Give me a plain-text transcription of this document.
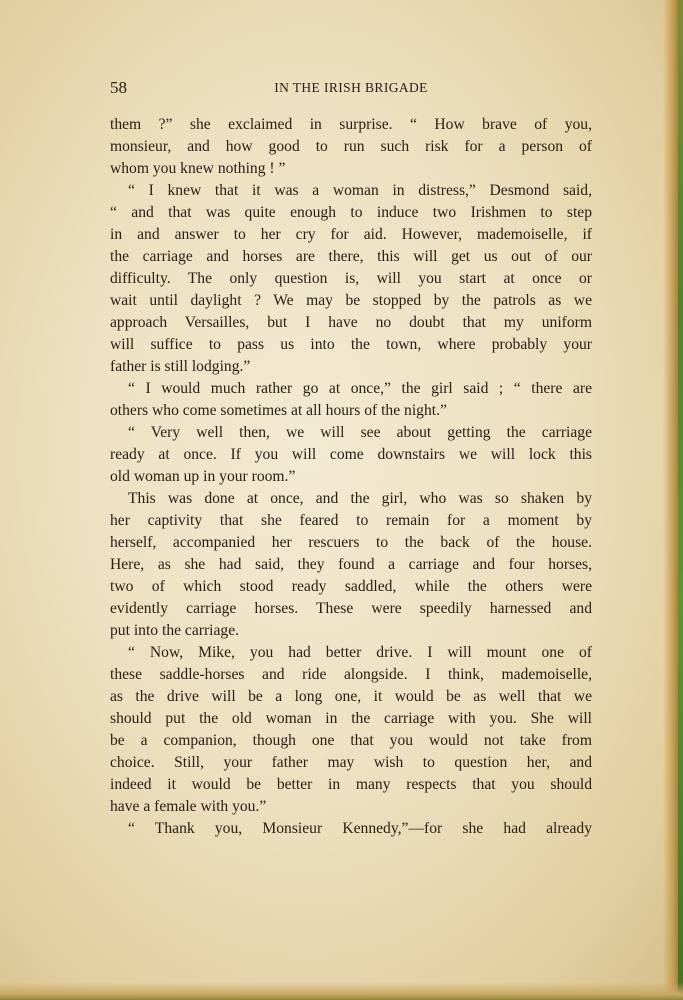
58	IN THE IRISH BRIGADE
them ?” she exclaimed in surprise. “ How brave of you,
monsieur, and how good to run such risk for a person of
whom you knew nothing ! ”
“ I knew that it was a woman in distress,” Desmond said,
“ and that was quite enough to induce two Irishmen to step
in and answer to her cry for aid. However, mademoiselle, if
the carriage and horses are there, this will get us out of our
difficulty. The only question is, will you start at once or
wait until daylight ? We may be stopped by the patrols as we
approach Versailles, but I have no doubt that my uniform
will suffice to pass us into the town, where probably your
father is still lodging.”
“ I would much rather go at once,” the girl said ; “ there are
others who come sometimes at all hours of the night.”
“ Very well then, we will see about getting the carriage
ready at once. If you will come downstairs we will lock this
old woman up in your room.”
This was done at once, and the girl, who was so shaken by
her captivity that she feared to remain for a moment by
herself, accompanied her rescuers to the back of the house.
Here, as she had said, they found a carriage and four horses,
two of which stood ready saddled, while the others were
evidently carriage horses. These were speedily harnessed and
put into the carriage.
“ Now, Mike, you had better drive. I will mount one of
these saddle-horses and ride alongside. I think, mademoiselle,
as the drive will be a long one, it would be as well that we
should put the old woman in the carriage with you. She will
be a companion, though one that you would not take from
choice. Still, your father may wish to question her, and
indeed it would be better in many respects that you should
have a female with you.”
“ Thank you, Monsieur Kennedy,”—for she had already
